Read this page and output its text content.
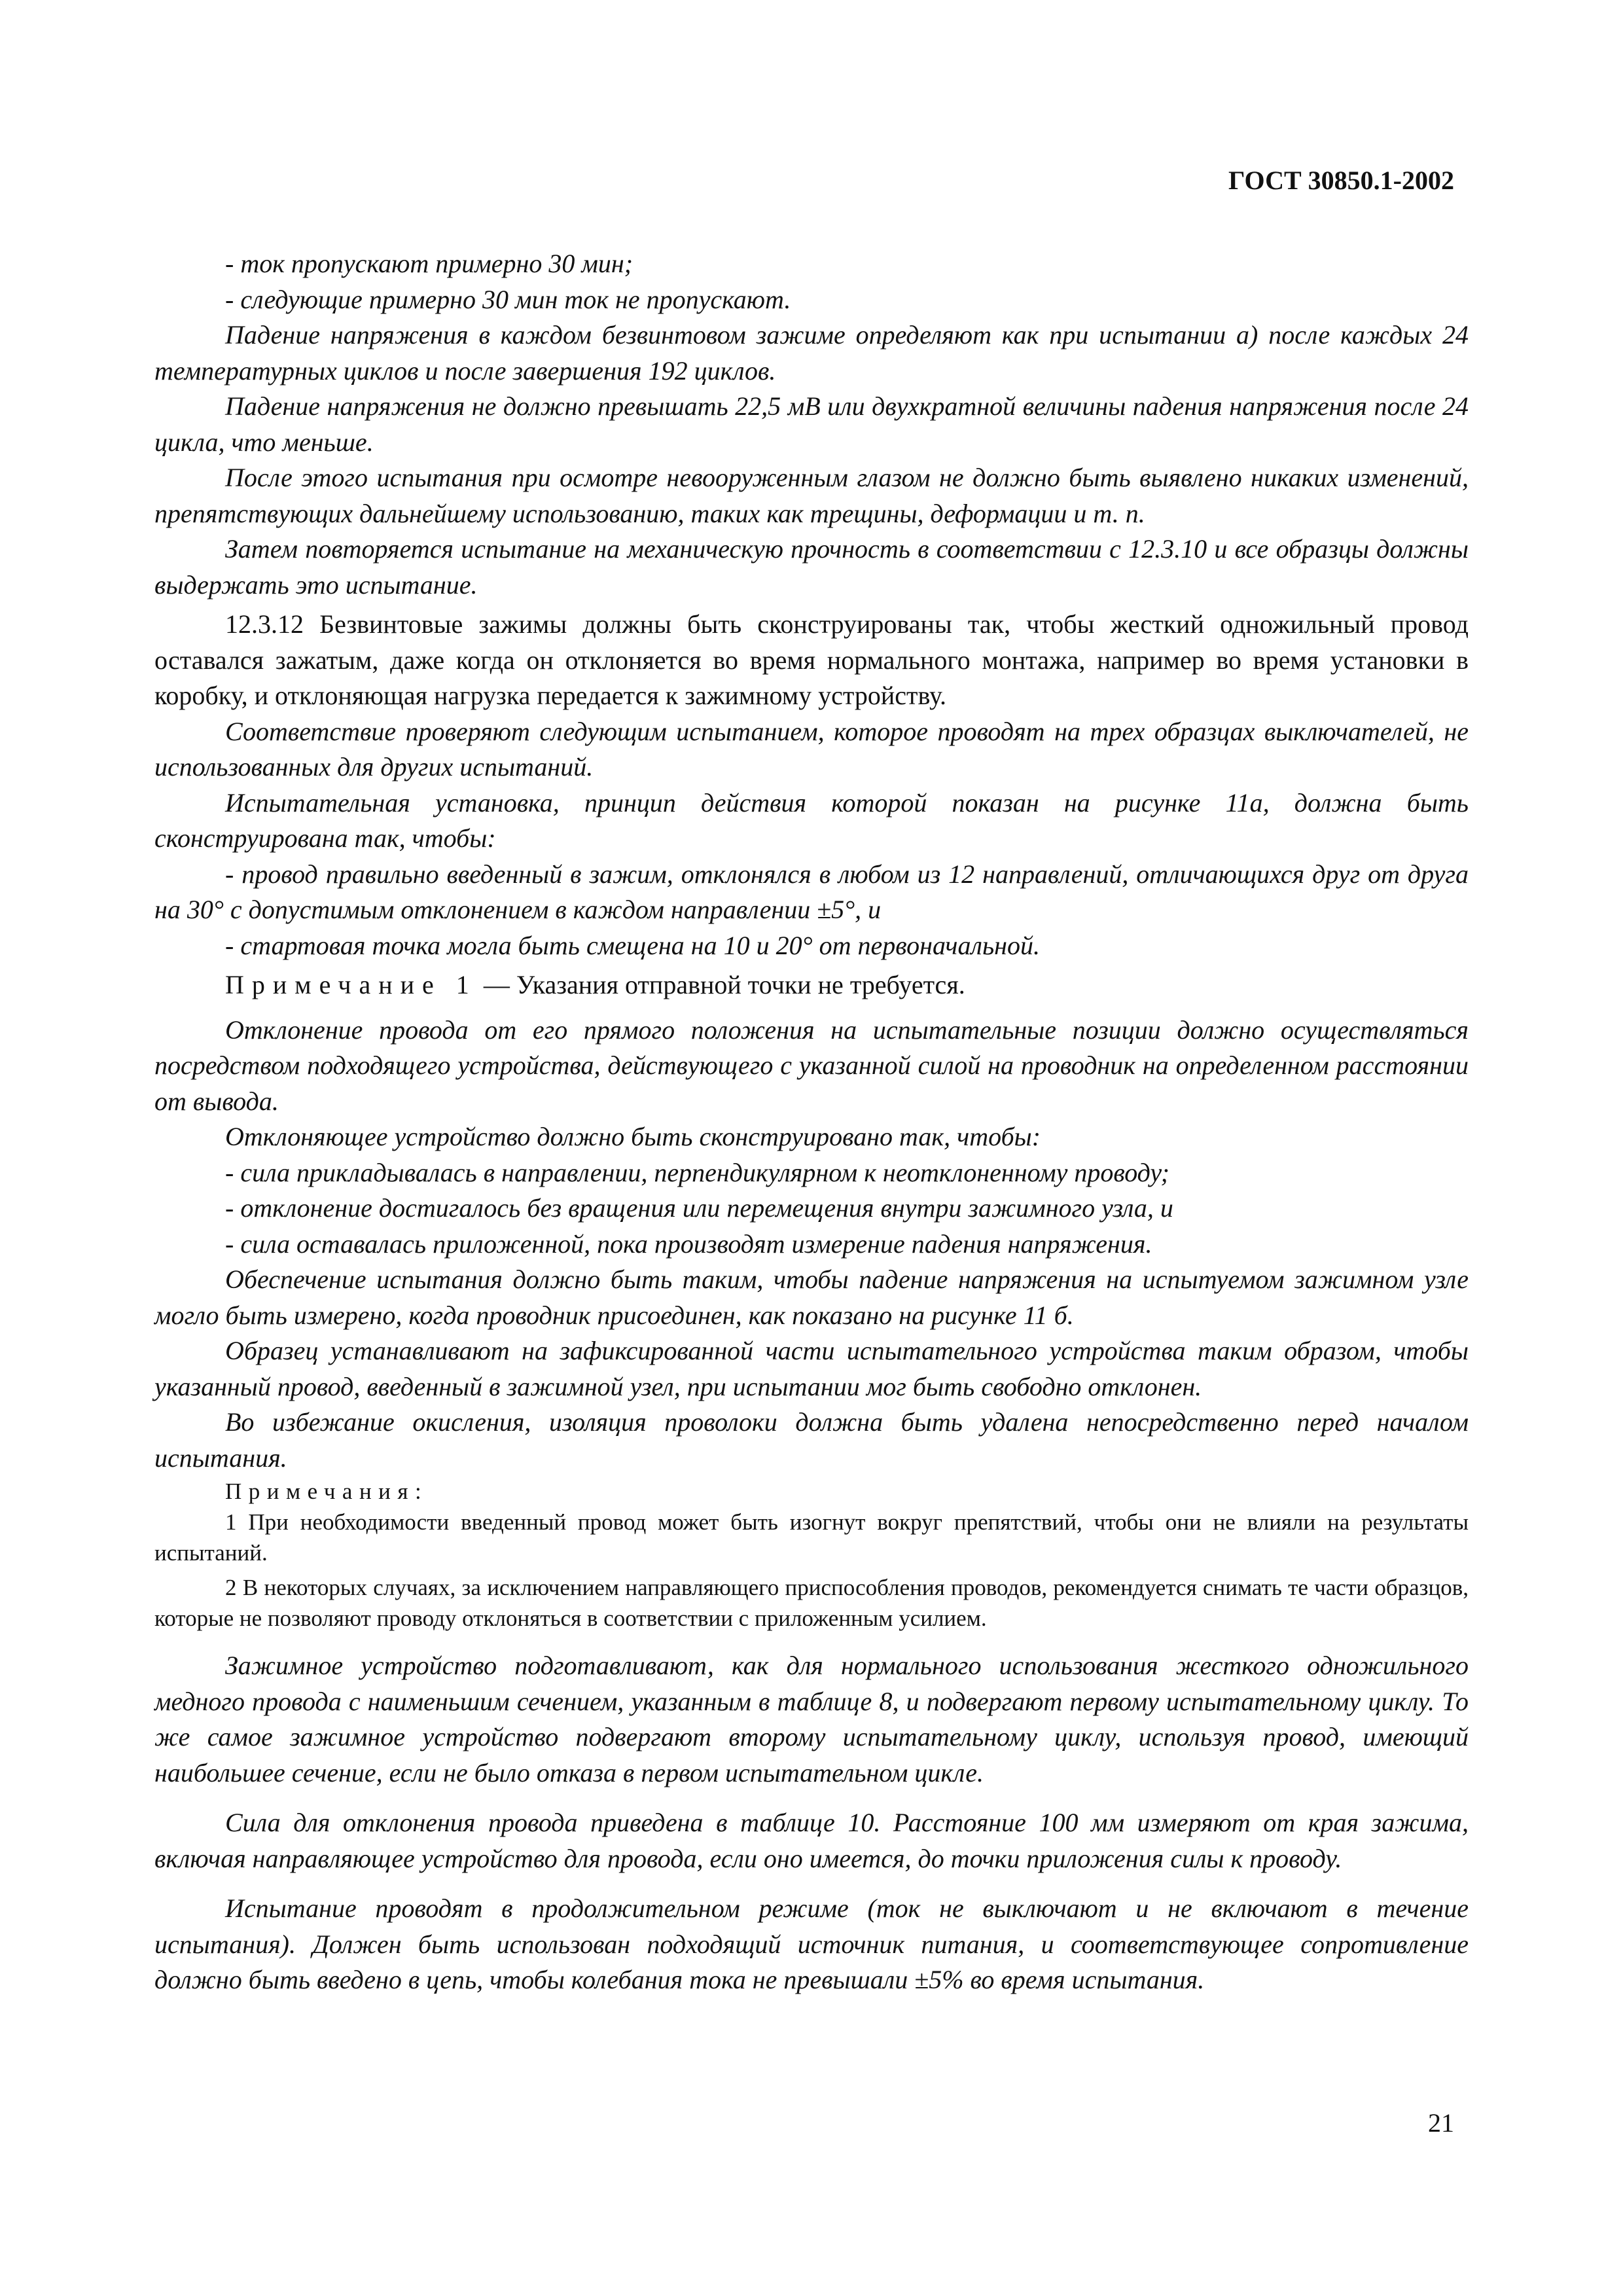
ГОСТ 30850.1-2002

- ток пропускают примерно 30 мин;

- следующие примерно 30 мин ток не пропускают.

Падение напряжения в каждом безвинтовом зажиме определяют как при испытании а) после каждых 24 температурных циклов и после завершения 192 циклов.

Падение напряжения не должно превышать 22,5 мВ или двухкратной величины падения напряжения после 24 цикла, что меньше.

После этого испытания при осмотре невооруженным глазом не должно быть выявлено никаких изменений, препятствующих дальнейшему использованию, таких как трещины, деформации и т. п.

Затем повторяется испытание на механическую прочность в соответствии с 12.3.10 и все образцы должны выдержать это испытание.

12.3.12 Безвинтовые зажимы должны быть сконструированы так, чтобы жесткий одножильный провод оставался зажатым, даже когда он отклоняется во время нормального монтажа, например во время установки в коробку, и отклоняющая нагрузка передается к зажимному устройству.

Соответствие проверяют следующим испытанием, которое проводят на трех образцах выключателей, не использованных для других испытаний.

Испытательная установка, принцип действия которой показан на рисунке 11а, должна быть сконструирована так, чтобы:

- провод правильно введенный в зажим, отклонялся в любом из 12 направлений, отличающихся друг от друга на 30° с допустимым отклонением в каждом направлении ±5°, и

- стартовая точка могла быть смещена на 10 и 20° от первоначальной.

Примечание 1 — Указания отправной точки не требуется.

Отклонение провода от его прямого положения на испытательные позиции должно осуществляться посредством подходящего устройства, действующего с указанной силой на проводник на определенном расстоянии от вывода.

Отклоняющее устройство должно быть сконструировано так, чтобы:

- сила прикладывалась в направлении, перпендикулярном к неотклоненному проводу;

- отклонение достигалось без вращения или перемещения внутри зажимного узла, и

- сила оставалась приложенной, пока производят измерение падения напряжения.

Обеспечение испытания должно быть таким, чтобы падение напряжения на испытуемом зажимном узле могло быть измерено, когда проводник присоединен, как показано на рисунке 11 б.

Образец устанавливают на зафиксированной части испытательного устройства таким образом, чтобы указанный провод, введенный в зажимной узел, при испытании мог быть свободно отклонен.

Во избежание окисления, изоляция проволоки должна быть удалена непосредственно перед началом испытания.

Примечания:

1 При необходимости введенный провод может быть изогнут вокруг препятствий, чтобы они не влияли на результаты испытаний.

2 В некоторых случаях, за исключением направляющего приспособления проводов, рекомендуется снимать те части образцов, которые не позволяют проводу отклоняться в соответствии с приложенным усилием.

Зажимное устройство подготавливают, как для нормального использования жесткого одножильного медного провода с наименьшим сечением, указанным в таблице 8, и подвергают первому испытательному циклу. То же самое зажимное устройство подвергают второму испытательному циклу, используя провод, имеющий наибольшее сечение, если не было отказа в первом испытательном цикле.

Сила для отклонения провода приведена в таблице 10. Расстояние 100 мм измеряют от края зажима, включая направляющее устройство для провода, если оно имеется, до точки приложения силы к проводу.

Испытание проводят в продолжительном режиме (ток не выключают и не включают в течение испытания). Должен быть использован подходящий источник питания, и соответствующее сопротивление должно быть введено в цепь, чтобы колебания тока не превышали ±5% во время испытания.

21
